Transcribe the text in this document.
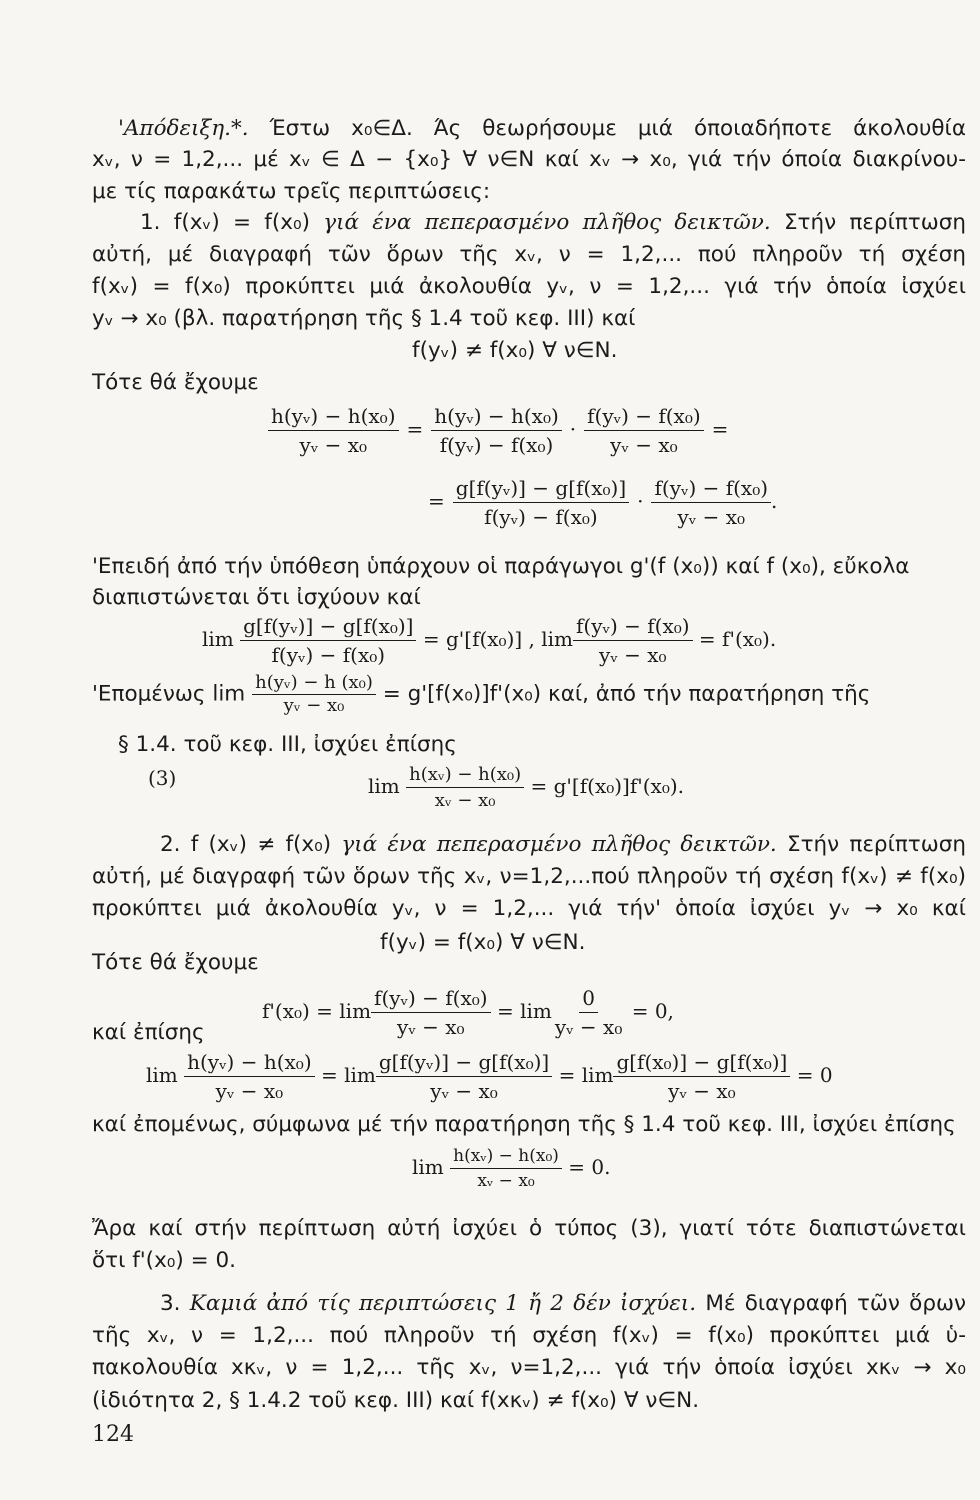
'Απόδειξη.*. Έστω x₀∈Δ. Άς θεωρήσουμε μιά όποιαδήποτε άκολουθία
xᵥ, ν = 1,2,... μέ xᵥ ∈ Δ − {x₀} ∀ ν∈N καί xᵥ → x₀, γιά τήν όποία διακρίνου-
με τίς παρακάτω τρεῖς περιπτώσεις:
1. f(xᵥ) = f(x₀) γιά ένα πεπερασμένο πλῆθος δεικτῶν. Στήν περίπτωση
αὐτή, μέ διαγραφή τῶν ὅρων τῆς xᵥ, ν = 1,2,... πού πληροῦν τή σχέση
f(xᵥ) = f(x₀) προκύπτει μιά ἀκολουθία yᵥ, ν = 1,2,... γιά τήν ὁποία ἰσχύει
yᵥ → x₀ (βλ. παρατήρηση τῆς § 1.4 τοῦ κεφ. III) καί
f(yᵥ) ≠ f(x₀) ∀ ν∈N.
Τότε θά ἔχουμε
$\frac{\text{h(yᵥ) − h(x₀)}}{\text{yᵥ − x₀}} = \frac{\text{h(yᵥ) − h(x₀)}}{\text{f(yᵥ) − f(x₀)}} \cdot \frac{\text{f(yᵥ) − f(x₀)}}{\text{yᵥ − x₀}}$ =
= $\frac{\text{g[f(yᵥ)] − g[f(x₀)]}}{\text{f(yᵥ) − f(x₀)}} \cdot \frac{\text{f(yᵥ) − f(x₀)}}{\text{yᵥ − x₀}}$ .
'Επειδή ἀπό τήν ὑπόθεση ὑπάρχουν οἱ παράγωγοι g'(f (x₀)) καί f (x₀), εὔκολα
διαπιστώνεται ὅτι ἰσχύουν καί
$\lim \frac{\text{g[f(yᵥ)] − g[f(x₀)]}}{\text{f(yᵥ) − f(x₀)}} = g'[f(x_0)]$ , $\lim \frac{\text{f(yᵥ) − f(x₀)}}{\text{yᵥ − x₀}} = f'(x_0)$.
'Επομένως $\lim \frac{\text{h(yᵥ) − h (x₀)}}{\text{yᵥ − x₀}} = g'[f(x_0)]f'(x_0)$ καί, ἀπό τήν παρατήρηση τῆς
§ 1.4. τοῦ κεφ. III, ἰσχύει ἐπίσης
(3)	$\lim \frac{\text{h(xᵥ) − h(x₀)}}{\text{xᵥ − x₀}} = g'[f(x_0)]f'(x_0)$.
2. f (xᵥ) ≠ f(x₀) γιά ένα πεπερασμένο πλῆθος δεικτῶν. Στήν περίπτωση
αὐτή, μέ διαγραφή τῶν ὅρων τῆς xᵥ, ν=1,2,...πού πληροῦν τή σχέση f(xᵥ) ≠ f(x₀)
προκύπτει μιά ἀκολουθία yᵥ, ν = 1,2,... γιά τήν' ὁποία ἰσχύει yᵥ → x₀ καί
f(yᵥ) = f(x₀) ∀ ν∈N.
Τότε θά ἔχουμε
$f'(x_0) = \lim \frac{\text{f(yᵥ) − f(x₀)}}{\text{yᵥ − x₀}} = \lim \frac{0}{\text{yᵥ − x₀}} = 0$,
καί ἐπίσης
$\lim \frac{\text{h(yᵥ) − h(x₀)}}{\text{yᵥ − x₀}} = \lim \frac{\text{g[f(yᵥ)] − g[f(x₀)]}}{\text{yᵥ − x₀}} = \lim \frac{\text{g[f(x₀)] − g[f(x₀)]}}{\text{yᵥ − x₀}} = 0$
καί ἐπομένως, σύμφωνα μέ τήν παρατήρηση τῆς § 1.4 τοῦ κεφ. III, ἰσχύει ἐπίσης
$\lim \frac{\text{h(xᵥ) − h(x₀)}}{\text{xᵥ − x₀}} = 0$.
Ἄρα καί στήν περίπτωση αὐτή ἰσχύει ὁ τύπος (3), γιατί τότε διαπιστώνεται
ὅτι f'(x₀) = 0.
3. Καμιά ἀπό τίς περιπτώσεις 1 ἤ 2 δέν ἰσχύει. Μέ διαγραφή τῶν ὅρων
τῆς xᵥ, ν = 1,2,... πού πληροῦν τή σχέση f(xᵥ) = f(x₀) προκύπτει μιά ὑ-
πακολουθία xκᵥ, ν = 1,2,... τῆς xᵥ, ν=1,2,... γιά τήν ὁποία ἰσχύει xκᵥ → x₀
(ἰδιότητα 2, § 1.4.2 τοῦ κεφ. III) καί f(xκᵥ) ≠ f(x₀) ∀ ν∈N.
124
